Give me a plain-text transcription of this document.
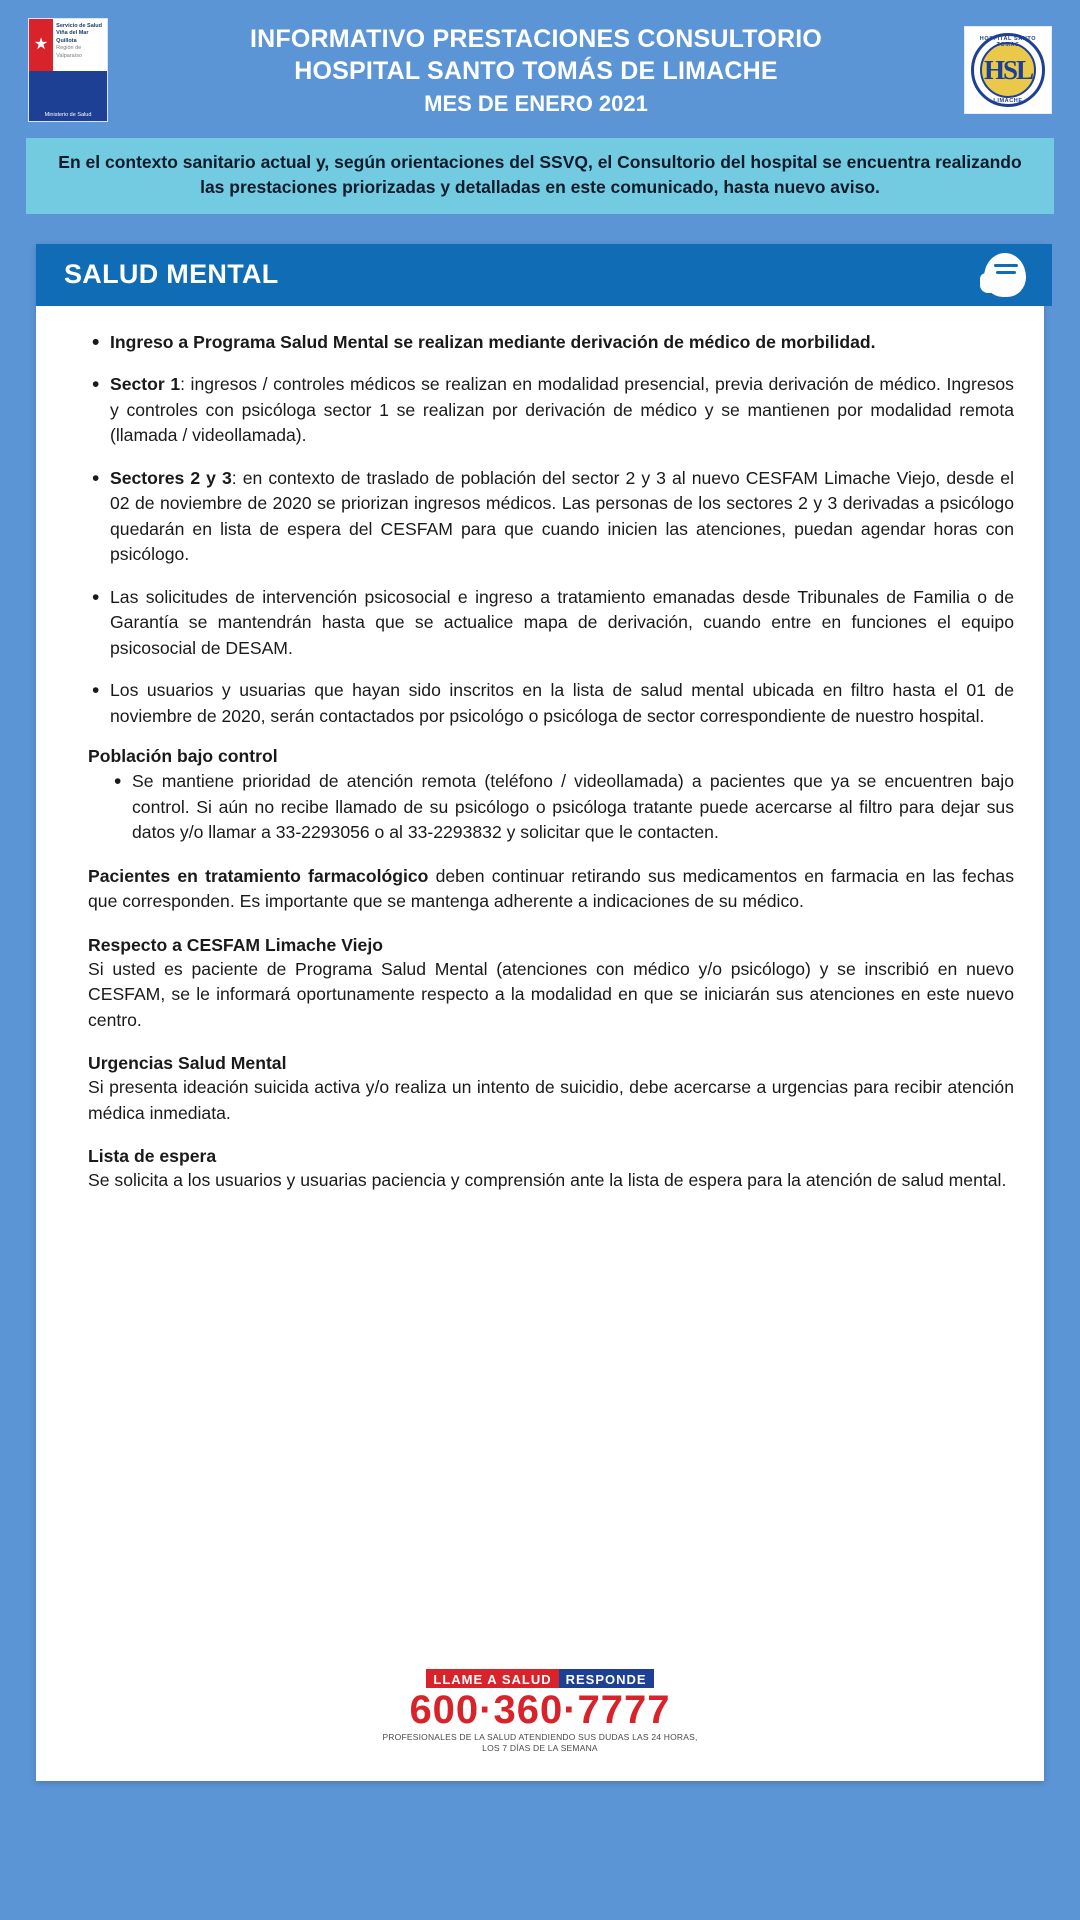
★
Servicio de Salud
Viña del Mar
Quillota
Región de Valparaíso
Ministerio de Salud
INFORMATIVO PRESTACIONES CONSULTORIO
HOSPITAL SANTO TOMÁS DE LIMACHE
MES DE ENERO 2021
HOSPITAL SANTO TOMAS
HSL
LIMACHE
En el contexto sanitario actual y, según orientaciones del SSVQ, el Consultorio del hospital se encuentra realizando las prestaciones priorizadas y detalladas en este comunicado, hasta nuevo aviso.
SALUD MENTAL
• Ingreso a Programa Salud Mental se realizan mediante derivación de médico de morbilidad.
• Sector 1: ingresos / controles médicos se realizan en modalidad presencial, previa derivación de médico. Ingresos y controles con psicóloga sector 1 se realizan por derivación de médico y se mantienen por modalidad remota (llamada / videollamada).
• Sectores 2 y 3: en contexto de traslado de población del sector 2 y 3 al nuevo CESFAM Limache Viejo, desde el 02 de noviembre de 2020 se priorizan ingresos médicos. Las personas de los sectores 2 y 3 derivadas a psicólogo quedarán en lista de espera del CESFAM para que cuando inicien las atenciones, puedan agendar horas con psicólogo.
• Las solicitudes de intervención psicosocial e ingreso a tratamiento emanadas desde Tribunales de Familia o de Garantía se mantendrán hasta que se actualice mapa de derivación, cuando entre en funciones el equipo psicosocial de DESAM.
• Los usuarios y usuarias que hayan sido inscritos en la lista de salud mental ubicada en filtro hasta el 01 de noviembre de 2020, serán contactados por psicológo o psicóloga de sector correspondiente de nuestro hospital.
Población bajo control
• Se mantiene prioridad de atención remota (teléfono / videollamada) a pacientes que ya se encuentren bajo control. Si aún no recibe llamado de su psicólogo o psicóloga tratante puede acercarse al filtro para dejar sus datos y/o llamar a 33-2293056 o al 33-2293832 y solicitar que le contacten.

Pacientes en tratamiento farmacológico deben continuar retirando sus medicamentos en farmacia en las fechas que corresponden. Es importante que se mantenga adherente a indicaciones de su médico.

Respecto a CESFAM Limache Viejo

Si usted es paciente de Programa Salud Mental (atenciones con médico y/o psicólogo) y se inscribió en nuevo CESFAM, se le informará oportunamente respecto a la modalidad en que se iniciarán sus atenciones en este nuevo centro.

Urgencias Salud Mental

Si presenta ideación suicida activa y/o realiza un intento de suicidio, debe acercarse a urgencias para recibir atención médica inmediata.

Lista de espera

Se solicita a los usuarios y usuarias paciencia y comprensión ante la lista de espera para la atención de salud mental.

LLAME A SALUD	RESPONDE
600·360·7777
PROFESIONALES DE LA SALUD ATENDIENDO SUS DUDAS LAS 24 HORAS,
LOS 7 DÍAS DE LA SEMANA
